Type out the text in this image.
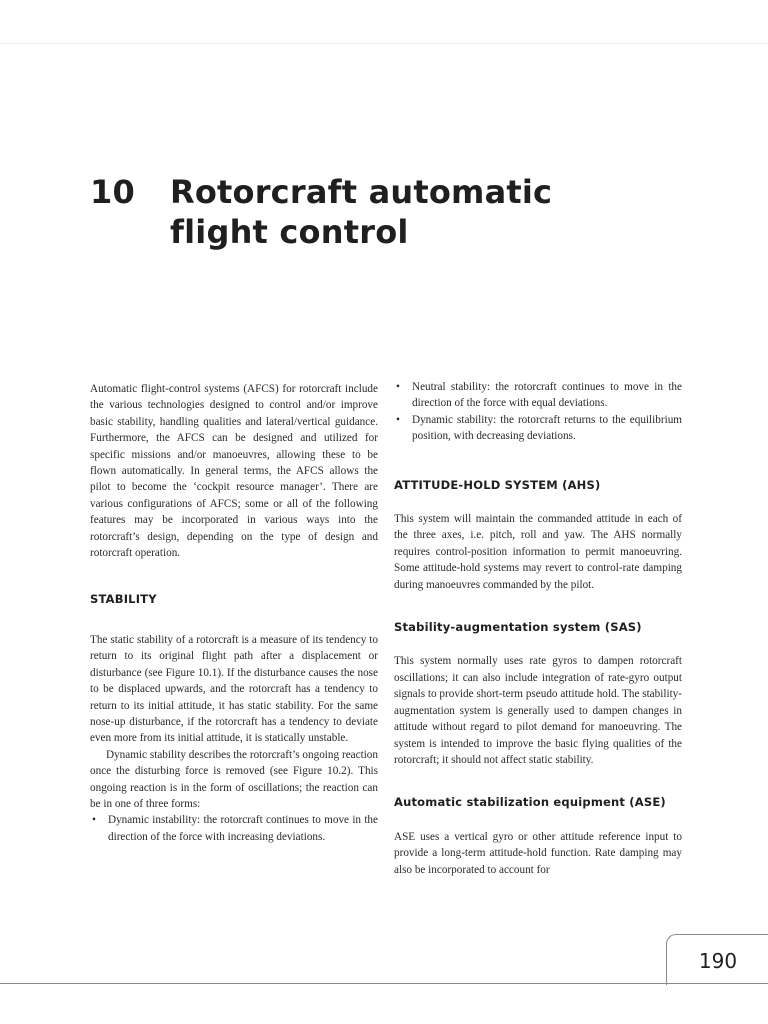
10 Rotorcraft automatic
flight control

Automatic flight-control systems (AFCS) for rotorcraft include the various technologies designed to control and/or improve basic stability, handling qualities and lateral/vertical guidance. Furthermore, the AFCS can be designed and utilized for specific missions and/or manoeuvres, allowing these to be flown automatically. In general terms, the AFCS allows the pilot to become the ‘cockpit resource manager’. There are various configurations of AFCS; some or all of the following features may be incorporated in various ways into the rotorcraft’s design, depending on the type of design and rotorcraft operation.

STABILITY

The static stability of a rotorcraft is a measure of its tendency to return to its original flight path after a displacement or disturbance (see Figure 10.1). If the disturbance causes the nose to be displaced upwards, and the rotorcraft has a tendency to return to its initial attitude, it has static stability. For the same nose-up disturbance, if the rotorcraft has a tendency to deviate even more from its initial attitude, it is statically unstable.

Dynamic stability describes the rotorcraft’s ongoing reaction once the disturbing force is removed (see Figure 10.2). This ongoing reaction is in the form of oscillations; the reaction can be in one of three forms:

• Dynamic instability: the rotorcraft continues to move in the direction of the force with increasing deviations.
• Neutral stability: the rotorcraft continues to move in the direction of the force with equal deviations.
• Dynamic stability: the rotorcraft returns to the equilibrium position, with decreasing deviations.
ATTITUDE-HOLD SYSTEM (AHS)

This system will maintain the commanded attitude in each of the three axes, i.e. pitch, roll and yaw. The AHS normally requires control-position information to permit manoeuvring. Some attitude-hold systems may revert to control-rate damping during manoeuvres commanded by the pilot.

Stability-augmentation system (SAS)

This system normally uses rate gyros to dampen rotorcraft oscillations; it can also include integration of rate-gyro output signals to provide short-term pseudo attitude hold. The stability-augmentation system is generally used to dampen changes in attitude without regard to pilot demand for manoeuvring. The system is intended to improve the basic flying qualities of the rotorcraft; it should not affect static stability.

Automatic stabilization equipment (ASE)

ASE uses a vertical gyro or other attitude reference input to provide a long-term attitude-hold function. Rate damping may also be incorporated to account for

190
